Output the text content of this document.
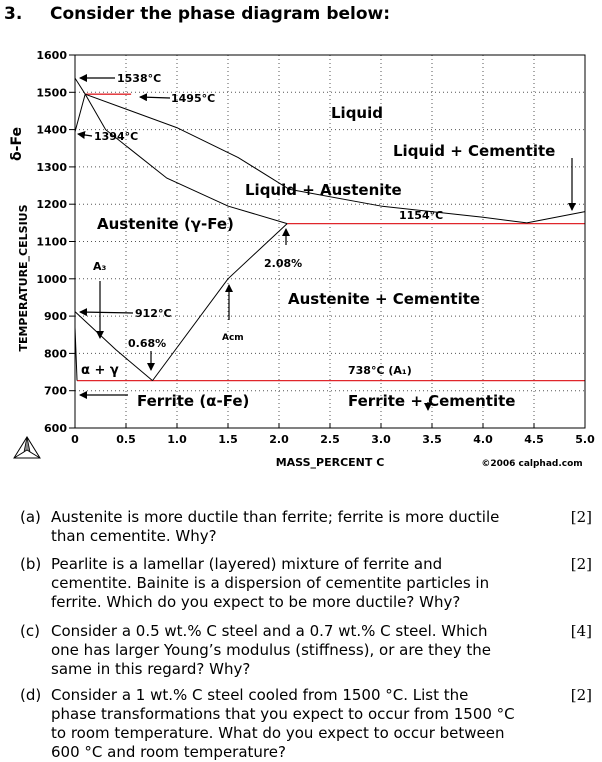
3. Consider the phase diagram below:
0	0.5	1.0	1.5	2.0	2.5	3.0	3.5	4.0	4.5	5.0
600
700
800
900
1000
1100
1200
1300
1400
1500
1600
TEMPERATURE_CELSIUS
δ-Fe
MASS_PERCENT C	©2006 calphad.com
1538°C
1495°C
1394°C
Liquid
Liquid + Cementite
Liquid + Austenite
1154°C
Austenite (γ-Fe)
A₃	2.08%
Austenite + Cementite
912°C
0.68%	Acm
α + γ	738°C (A₁)
Ferrite (α-Fe)	Ferrite + Cementite
(a) Austenite is more ductile than ferrite; ferrite is more ductile
than cementite. Why?
[2]
(b) Pearlite is a lamellar (layered) mixture of ferrite and
cementite. Bainite is a dispersion of cementite particles in
ferrite. Which do you expect to be more ductile? Why?
[2]
(c) Consider a 0.5 wt.% C steel and a 0.7 wt.% C steel. Which
one has larger Young’s modulus (stiffness), or are they the
same in this regard? Why?
[4]
(d) Consider a 1 wt.% C steel cooled from 1500 °C. List the
phase transformations that you expect to occur from 1500 °C
to room temperature. What do you expect to occur between
600 °C and room temperature?
[2]
